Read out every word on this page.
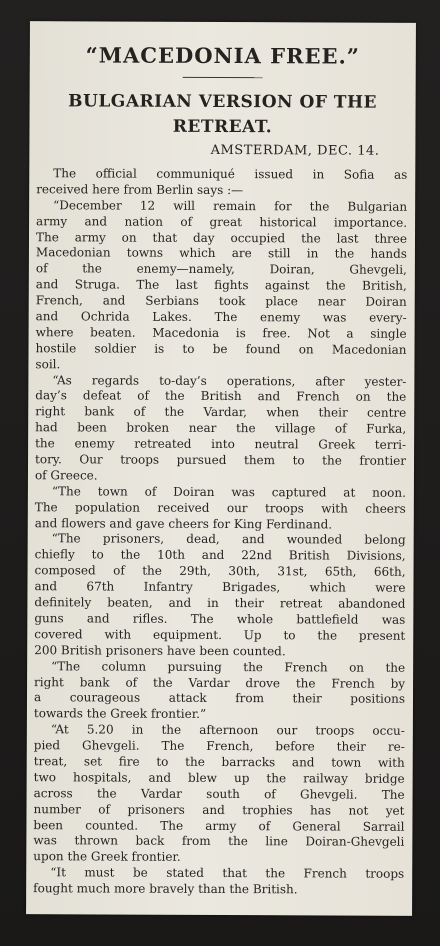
“MACEDONIA FREE.”
BULGARIAN VERSION OF THE
RETREAT.
AMSTERDAM, DEC. 14.
The official communiqué issued in Sofia as
received here from Berlin says :—
“December 12 will remain for the Bulgarian
army and nation of great historical importance.
The army on that day occupied the last three
Macedonian towns which are still in the hands
of the enemy—namely, Doiran, Ghevgeli,
and Struga. The last fights against the British,
French, and Serbians took place near Doiran
and Ochrida Lakes. The enemy was every-
where beaten. Macedonia is free. Not a single
hostile soldier is to be found on Macedonian
soil.
“As regards to-day’s operations, after yester-
day’s defeat of the British and French on the
right bank of the Vardar, when their centre
had been broken near the village of Furka,
the enemy retreated into neutral Greek terri-
tory. Our troops pursued them to the frontier
of Greece.
“The town of Doiran was captured at noon.
The population received our troops with cheers
and flowers and gave cheers for King Ferdinand.
“The prisoners, dead, and wounded belong
chiefly to the 10th and 22nd British Divisions,
composed of the 29th, 30th, 31st, 65th, 66th,
and 67th Infantry Brigades, which were
definitely beaten, and in their retreat abandoned
guns and rifles. The whole battlefield was
covered with equipment. Up to the present
200 British prisoners have been counted.
“The column pursuing the French on the
right bank of the Vardar drove the French by
a courageous attack from their positions
towards the Greek frontier.”
“At 5.20 in the afternoon our troops occu-
pied Ghevgeli. The French, before their re-
treat, set fire to the barracks and town with
two hospitals, and blew up the railway bridge
across the Vardar south of Ghevgeli. The
number of prisoners and trophies has not yet
been counted. The army of General Sarrail
was thrown back from the line Doiran-Ghevgeli
upon the Greek frontier.
“It must be stated that the French troops
fought much more bravely than the British.
